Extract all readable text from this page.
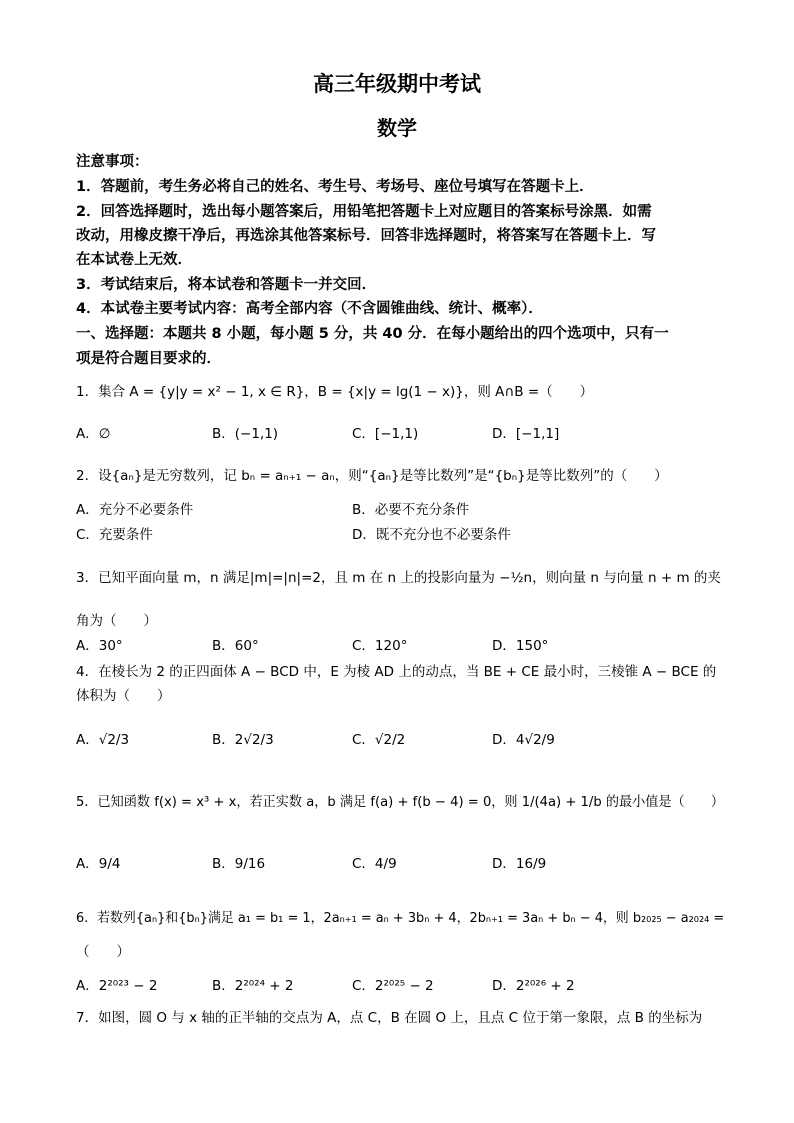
高三年级期中考试
数学
注意事项：
1．答题前，考生务必将自己的姓名、考生号、考场号、座位号填写在答题卡上．
2．回答选择题时，选出每小题答案后，用铅笔把答题卡上对应题目的答案标号涂黑．如需
改动，用橡皮擦干净后，再选涂其他答案标号．回答非选择题时，将答案写在答题卡上．写
在本试卷上无效．
3．考试结束后，将本试卷和答题卡一并交回．
4．本试卷主要考试内容：高考全部内容（不含圆锥曲线、统计、概率）．
一、选择题：本题共 8 小题，每小题 5 分，共 40 分．在每小题给出的四个选项中，只有一
项是符合题目要求的．
1．集合 A = {y|y = x² − 1, x ∈ R}，B = {x|y = lg(1 − x)}，则 A∩B =（　　）
A．∅	B．(−1,1)	C．[−1,1)	D．[−1,1]
2．设{aₙ}是无穷数列，记 bₙ = aₙ₊₁ − aₙ，则“{aₙ}是等比数列”是“{bₙ}是等比数列”的（　　）
A．充分不必要条件	B．必要不充分条件
C．充要条件	D．既不充分也不必要条件
3．已知平面向量 m，n 满足|m|=|n|=2，且 m 在 n 上的投影向量为 −½n，则向量 n 与向量 n + m 的夹
角为（　　）
A．30°	B．60°	C．120°	D．150°
4．在棱长为 2 的正四面体 A − BCD 中，E 为棱 AD 上的动点，当 BE + CE 最小时，三棱锥 A − BCE 的
体积为（　　）
A．√2/3	B．2√2/3	C．√2/2	D．4√2/9
5．已知函数 f(x) = x³ + x，若正实数 a，b 满足 f(a) + f(b − 4) = 0，则 1/(4a) + 1/b 的最小值是（　　）
A．9/4	B．9/16	C．4/9	D．16/9
6．若数列{aₙ}和{bₙ}满足 a₁ = b₁ = 1，2aₙ₊₁ = aₙ + 3bₙ + 4，2bₙ₊₁ = 3aₙ + bₙ − 4，则 b₂₀₂₅ − a₂₀₂₄ =
（　　）
A．2²⁰²³ − 2	B．2²⁰²⁴ + 2	C．2²⁰²⁵ − 2	D．2²⁰²⁶ + 2
7．如图，圆 O 与 x 轴的正半轴的交点为 A，点 C，B 在圆 O 上，且点 C 位于第一象限，点 B 的坐标为
